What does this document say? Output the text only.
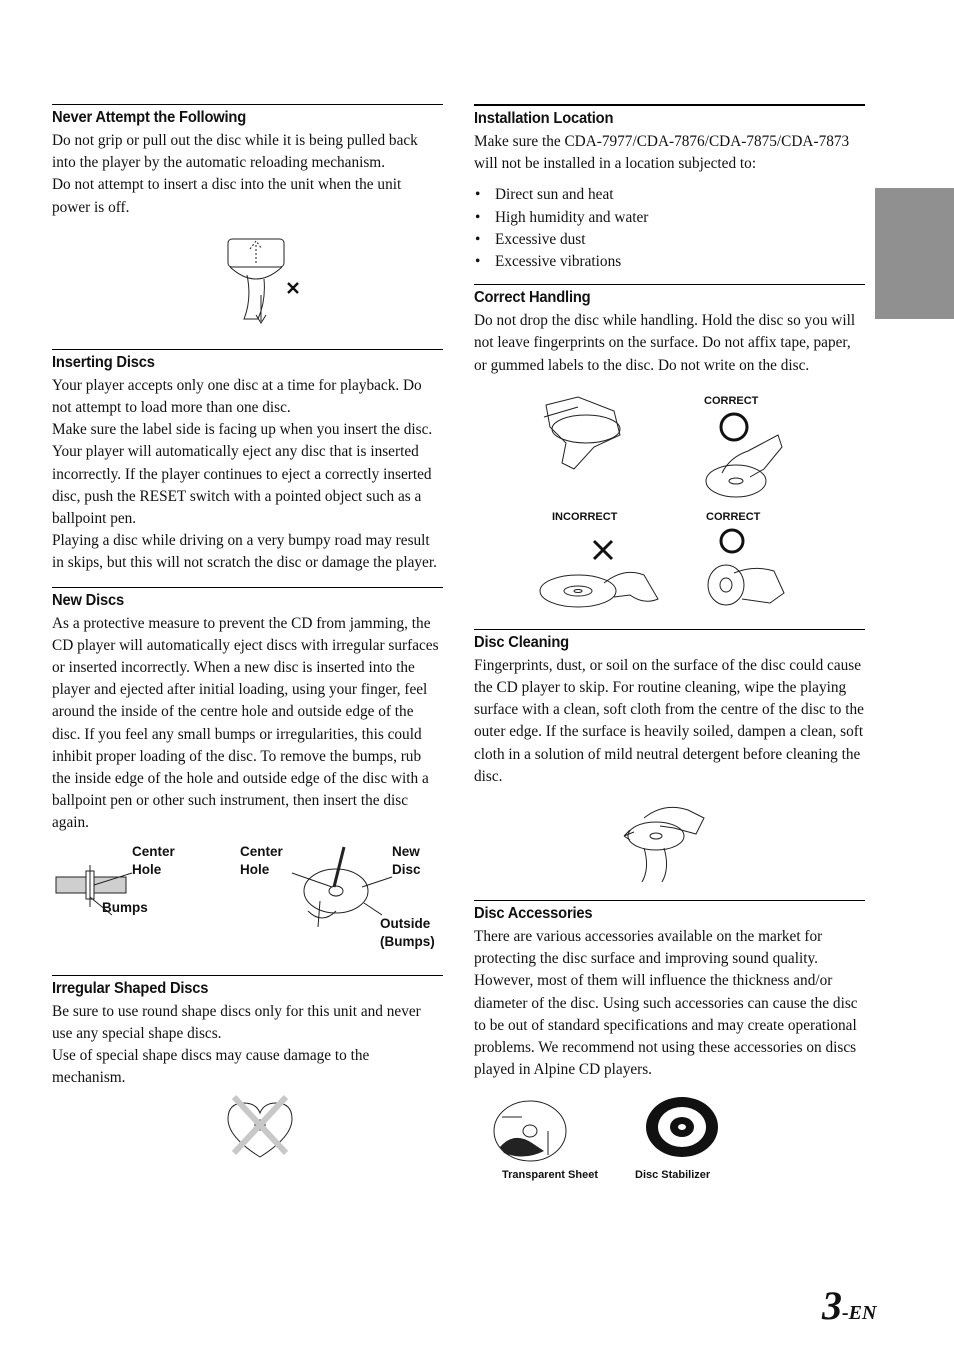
Never Attempt the Following

Do not grip or pull out the disc while it is being pulled back into the player by the automatic reloading mechanism.

Do not attempt to insert a disc into the unit when the unit power is off.

Inserting Discs

Your player accepts only one disc at a time for playback. Do not attempt to load more than one disc.

Make sure the label side is facing up when you insert the disc. Your player will automatically eject any disc that is inserted incorrectly. If the player continues to eject a correctly inserted disc, push the RESET switch with a pointed object such as a ballpoint pen.

Playing a disc while driving on a very bumpy road may result in skips, but this will not scratch the disc or damage the player.

New Discs

As a protective measure to prevent the CD from jamming, the CD player will automatically eject discs with irregular surfaces or inserted incorrectly. When a new disc is inserted into the player and ejected after initial loading, using your finger, feel around the inside of the centre hole and outside edge of the disc. If you feel any small bumps or irregularities, this could inhibit proper loading of the disc. To remove the bumps, rub the inside edge of the hole and outside edge of the disc with a ballpoint pen or other such instrument, then insert the disc again.

Center
Hole
Bumps
Center
Hole
New
Disc
Outside
(Bumps)
Irregular Shaped Discs

Be sure to use round shape discs only for this unit and never use any special shape discs.

Use of special shape discs may cause damage to the mechanism.

Installation Location

Make sure the CDA-7977/CDA-7876/CDA-7875/CDA-7873 will not be installed in a location subjected to:

• Direct sun and heat
• High humidity and water
• Excessive dust
• Excessive vibrations
Correct Handling

Do not drop the disc while handling. Hold the disc so you will not leave fingerprints on the surface. Do not affix tape, paper, or gummed labels to the disc. Do not write on the disc.

CORRECT
INCORRECT	CORRECT
Disc Cleaning

Fingerprints, dust, or soil on the surface of the disc could cause the CD player to skip. For routine cleaning, wipe the playing surface with a clean, soft cloth from the centre of the disc to the outer edge. If the surface is heavily soiled, dampen a clean, soft cloth in a solution of mild neutral detergent before cleaning the disc.

Disc Accessories

There are various accessories available on the market for protecting the disc surface and improving sound quality. However, most of them will influence the thickness and/or diameter of the disc. Using such accessories can cause the disc to be out of standard specifications and may create operational problems. We recommend not using these accessories on discs played in Alpine CD players.

Transparent Sheet	Disc Stabilizer
3-EN
